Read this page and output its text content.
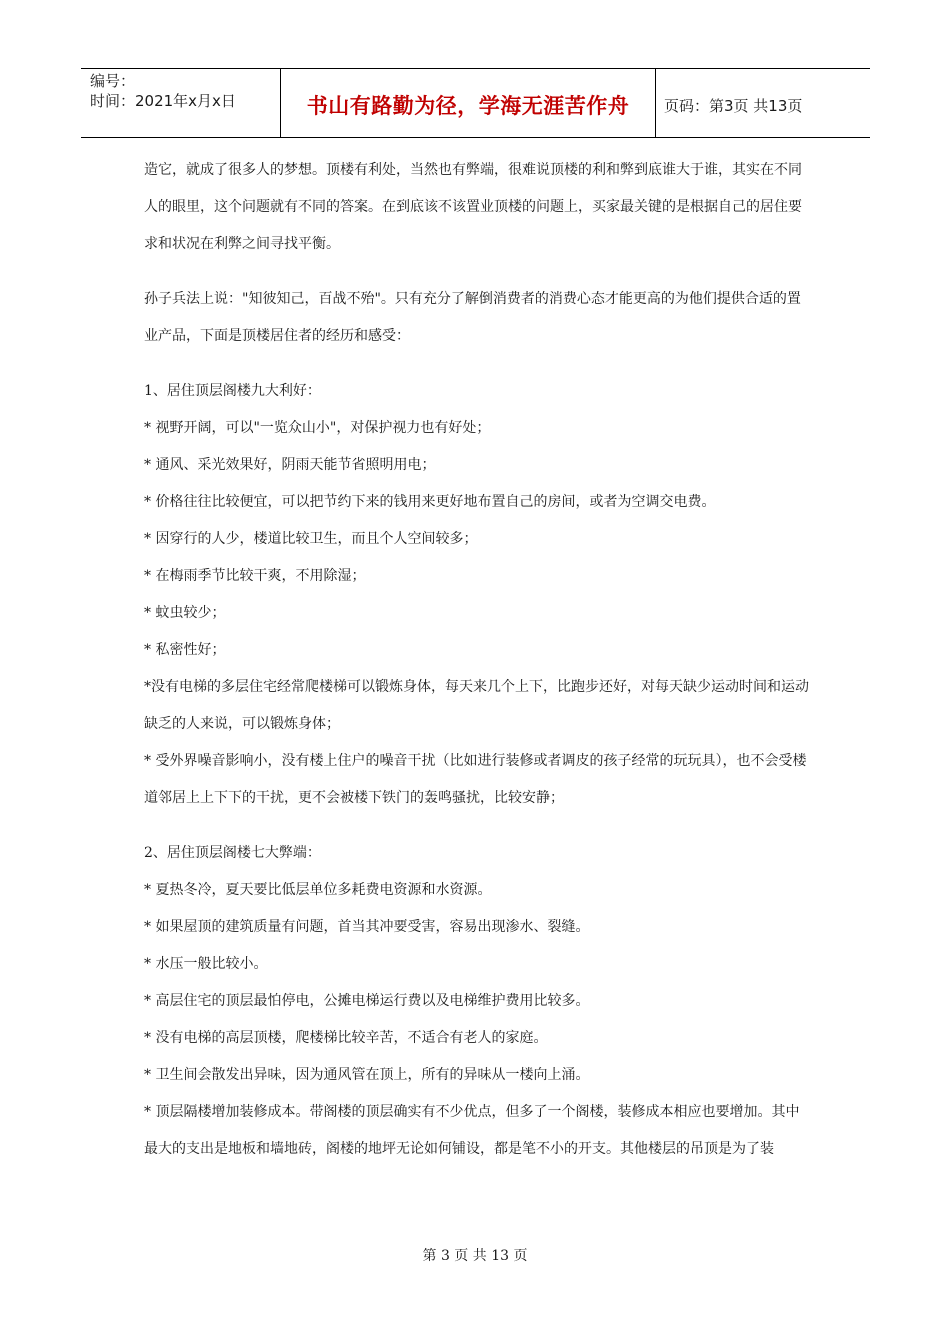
编号：
时间：2021年x月x日	书山有路勤为径，学海无涯苦作舟	页码：第3页 共13页

造它，就成了很多人的梦想。顶楼有利处，当然也有弊端，很难说顶楼的利和弊到底谁大于谁，其实在不同人的眼里，这个问题就有不同的答案。在到底该不该置业顶楼的问题上，买家最关键的是根据自己的居住要求和状况在利弊之间寻找平衡。

孙子兵法上说："知彼知己，百战不殆"。只有充分了解倒消费者的消费心态才能更高的为他们提供合适的置业产品，下面是顶楼居住者的经历和感受：

1、居住顶层阁楼九大利好：

* 视野开阔，可以"一览众山小"，对保护视力也有好处；

* 通风、采光效果好，阴雨天能节省照明用电；

* 价格往往比较便宜，可以把节约下来的钱用来更好地布置自己的房间，或者为空调交电费。

* 因穿行的人少，楼道比较卫生，而且个人空间较多；

* 在梅雨季节比较干爽，不用除湿；

* 蚊虫较少；

* 私密性好；

*没有电梯的多层住宅经常爬楼梯可以锻炼身体，每天来几个上下，比跑步还好，对每天缺少运动时间和运动缺乏的人来说，可以锻炼身体；

* 受外界噪音影响小，没有楼上住户的噪音干扰（比如进行装修或者调皮的孩子经常的玩玩具），也不会受楼道邻居上上下下的干扰，更不会被楼下铁门的轰鸣骚扰，比较安静；

2、居住顶层阁楼七大弊端：

* 夏热冬冷，夏天要比低层单位多耗费电资源和水资源。

* 如果屋顶的建筑质量有问题，首当其冲要受害，容易出现渗水、裂缝。

* 水压一般比较小。

* 高层住宅的顶层最怕停电，公摊电梯运行费以及电梯维护费用比较多。

* 没有电梯的高层顶楼，爬楼梯比较辛苦，不适合有老人的家庭。

* 卫生间会散发出异味，因为通风管在顶上，所有的异味从一楼向上涌。

* 顶层隔楼增加装修成本。带阁楼的顶层确实有不少优点，但多了一个阁楼，装修成本相应也要增加。其中最大的支出是地板和墙地砖，阁楼的地坪无论如何铺设，都是笔不小的开支。其他楼层的吊顶是为了装

第 3 页 共 13 页
